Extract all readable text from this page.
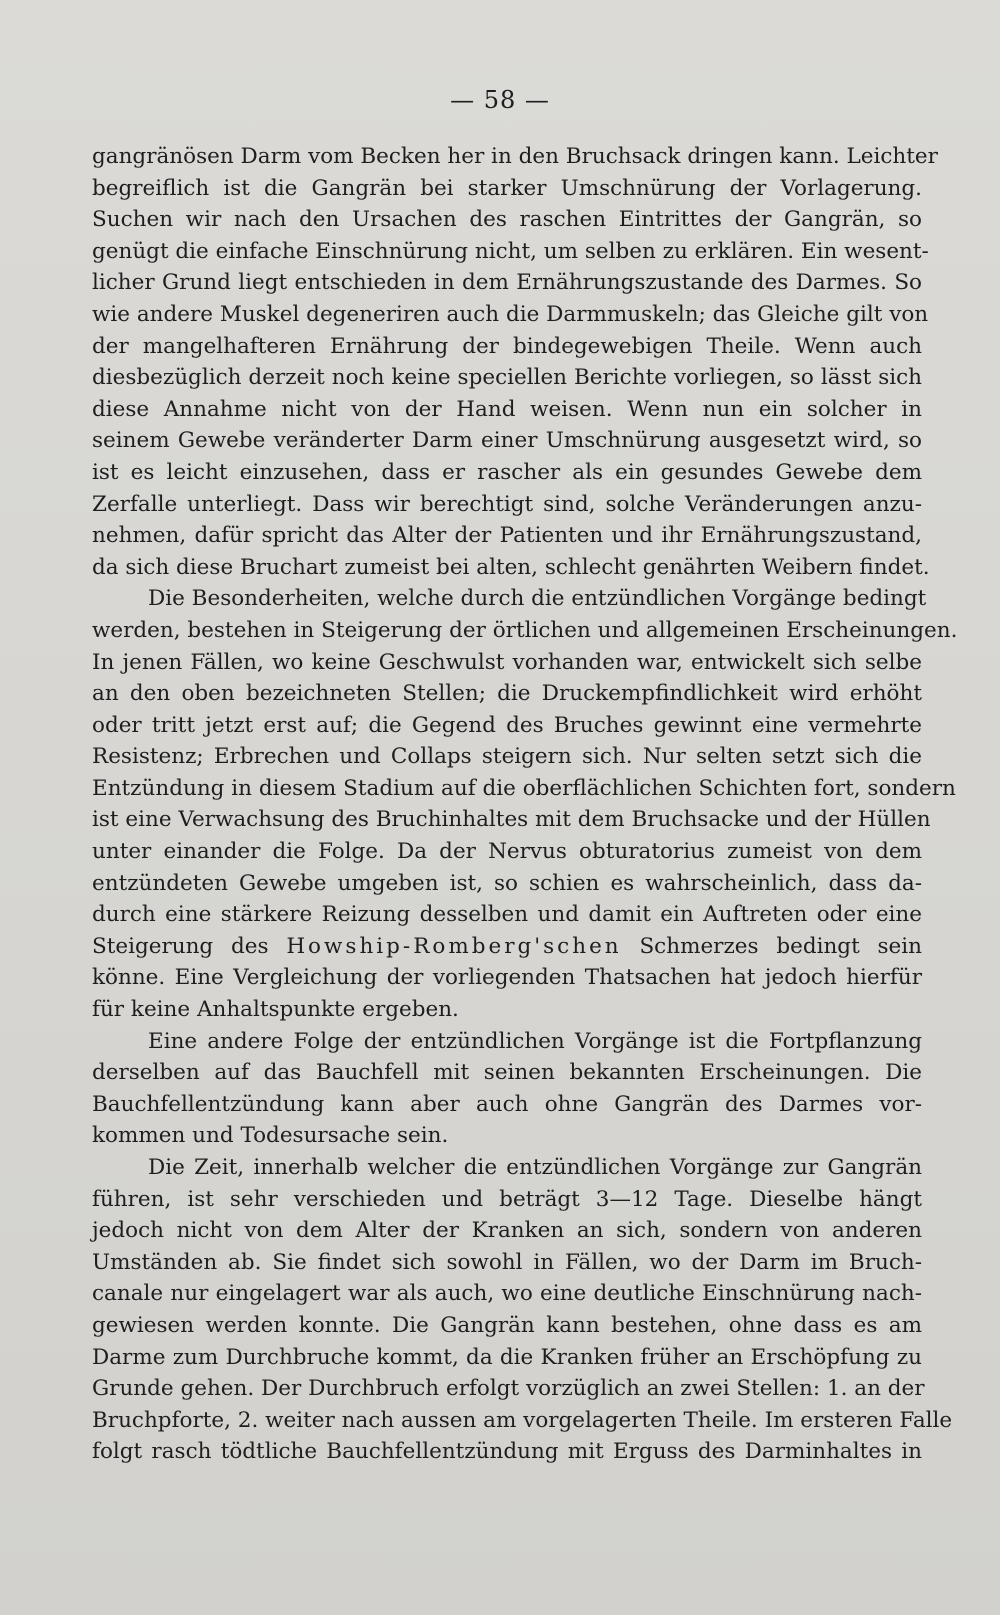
— 58 —
gangränösen Darm vom Becken her in den Bruchsack dringen kann. Leichter
begreiflich ist die Gangrän bei starker Umschnürung der Vorlagerung.
Suchen wir nach den Ursachen des raschen Eintrittes der Gangrän, so
genügt die einfache Einschnürung nicht, um selben zu erklären. Ein wesent-
licher Grund liegt entschieden in dem Ernährungszustande des Darmes. So
wie andere Muskel degeneriren auch die Darmmuskeln; das Gleiche gilt von
der mangelhafteren Ernährung der bindegewebigen Theile. Wenn auch
diesbezüglich derzeit noch keine speciellen Berichte vorliegen, so lässt sich
diese Annahme nicht von der Hand weisen. Wenn nun ein solcher in
seinem Gewebe veränderter Darm einer Umschnürung ausgesetzt wird, so
ist es leicht einzusehen, dass er rascher als ein gesundes Gewebe dem
Zerfalle unterliegt. Dass wir berechtigt sind, solche Veränderungen anzu-
nehmen, dafür spricht das Alter der Patienten und ihr Ernährungszustand,
da sich diese Bruchart zumeist bei alten, schlecht genährten Weibern findet.
Die Besonderheiten, welche durch die entzündlichen Vorgänge bedingt
werden, bestehen in Steigerung der örtlichen und allgemeinen Erscheinungen.
In jenen Fällen, wo keine Geschwulst vorhanden war, entwickelt sich selbe
an den oben bezeichneten Stellen; die Druckempfindlichkeit wird erhöht
oder tritt jetzt erst auf; die Gegend des Bruches gewinnt eine vermehrte
Resistenz; Erbrechen und Collaps steigern sich. Nur selten setzt sich die
Entzündung in diesem Stadium auf die oberflächlichen Schichten fort, sondern
ist eine Verwachsung des Bruchinhaltes mit dem Bruchsacke und der Hüllen
unter einander die Folge. Da der Nervus obturatorius zumeist von dem
entzündeten Gewebe umgeben ist, so schien es wahrscheinlich, dass da-
durch eine stärkere Reizung desselben und damit ein Auftreten oder eine
Steigerung des Howship-Romberg'schen Schmerzes bedingt sein
könne. Eine Vergleichung der vorliegenden Thatsachen hat jedoch hierfür
für keine Anhaltspunkte ergeben.
Eine andere Folge der entzündlichen Vorgänge ist die Fortpflanzung
derselben auf das Bauchfell mit seinen bekannten Erscheinungen. Die
Bauchfellentzündung kann aber auch ohne Gangrän des Darmes vor-
kommen und Todesursache sein.
Die Zeit, innerhalb welcher die entzündlichen Vorgänge zur Gangrän
führen, ist sehr verschieden und beträgt 3—12 Tage. Dieselbe hängt
jedoch nicht von dem Alter der Kranken an sich, sondern von anderen
Umständen ab. Sie findet sich sowohl in Fällen, wo der Darm im Bruch-
canale nur eingelagert war als auch, wo eine deutliche Einschnürung nach-
gewiesen werden konnte. Die Gangrän kann bestehen, ohne dass es am
Darme zum Durchbruche kommt, da die Kranken früher an Erschöpfung zu
Grunde gehen. Der Durchbruch erfolgt vorzüglich an zwei Stellen: 1. an der
Bruchpforte, 2. weiter nach aussen am vorgelagerten Theile. Im ersteren Falle
folgt rasch tödtliche Bauchfellentzündung mit Erguss des Darminhaltes in
